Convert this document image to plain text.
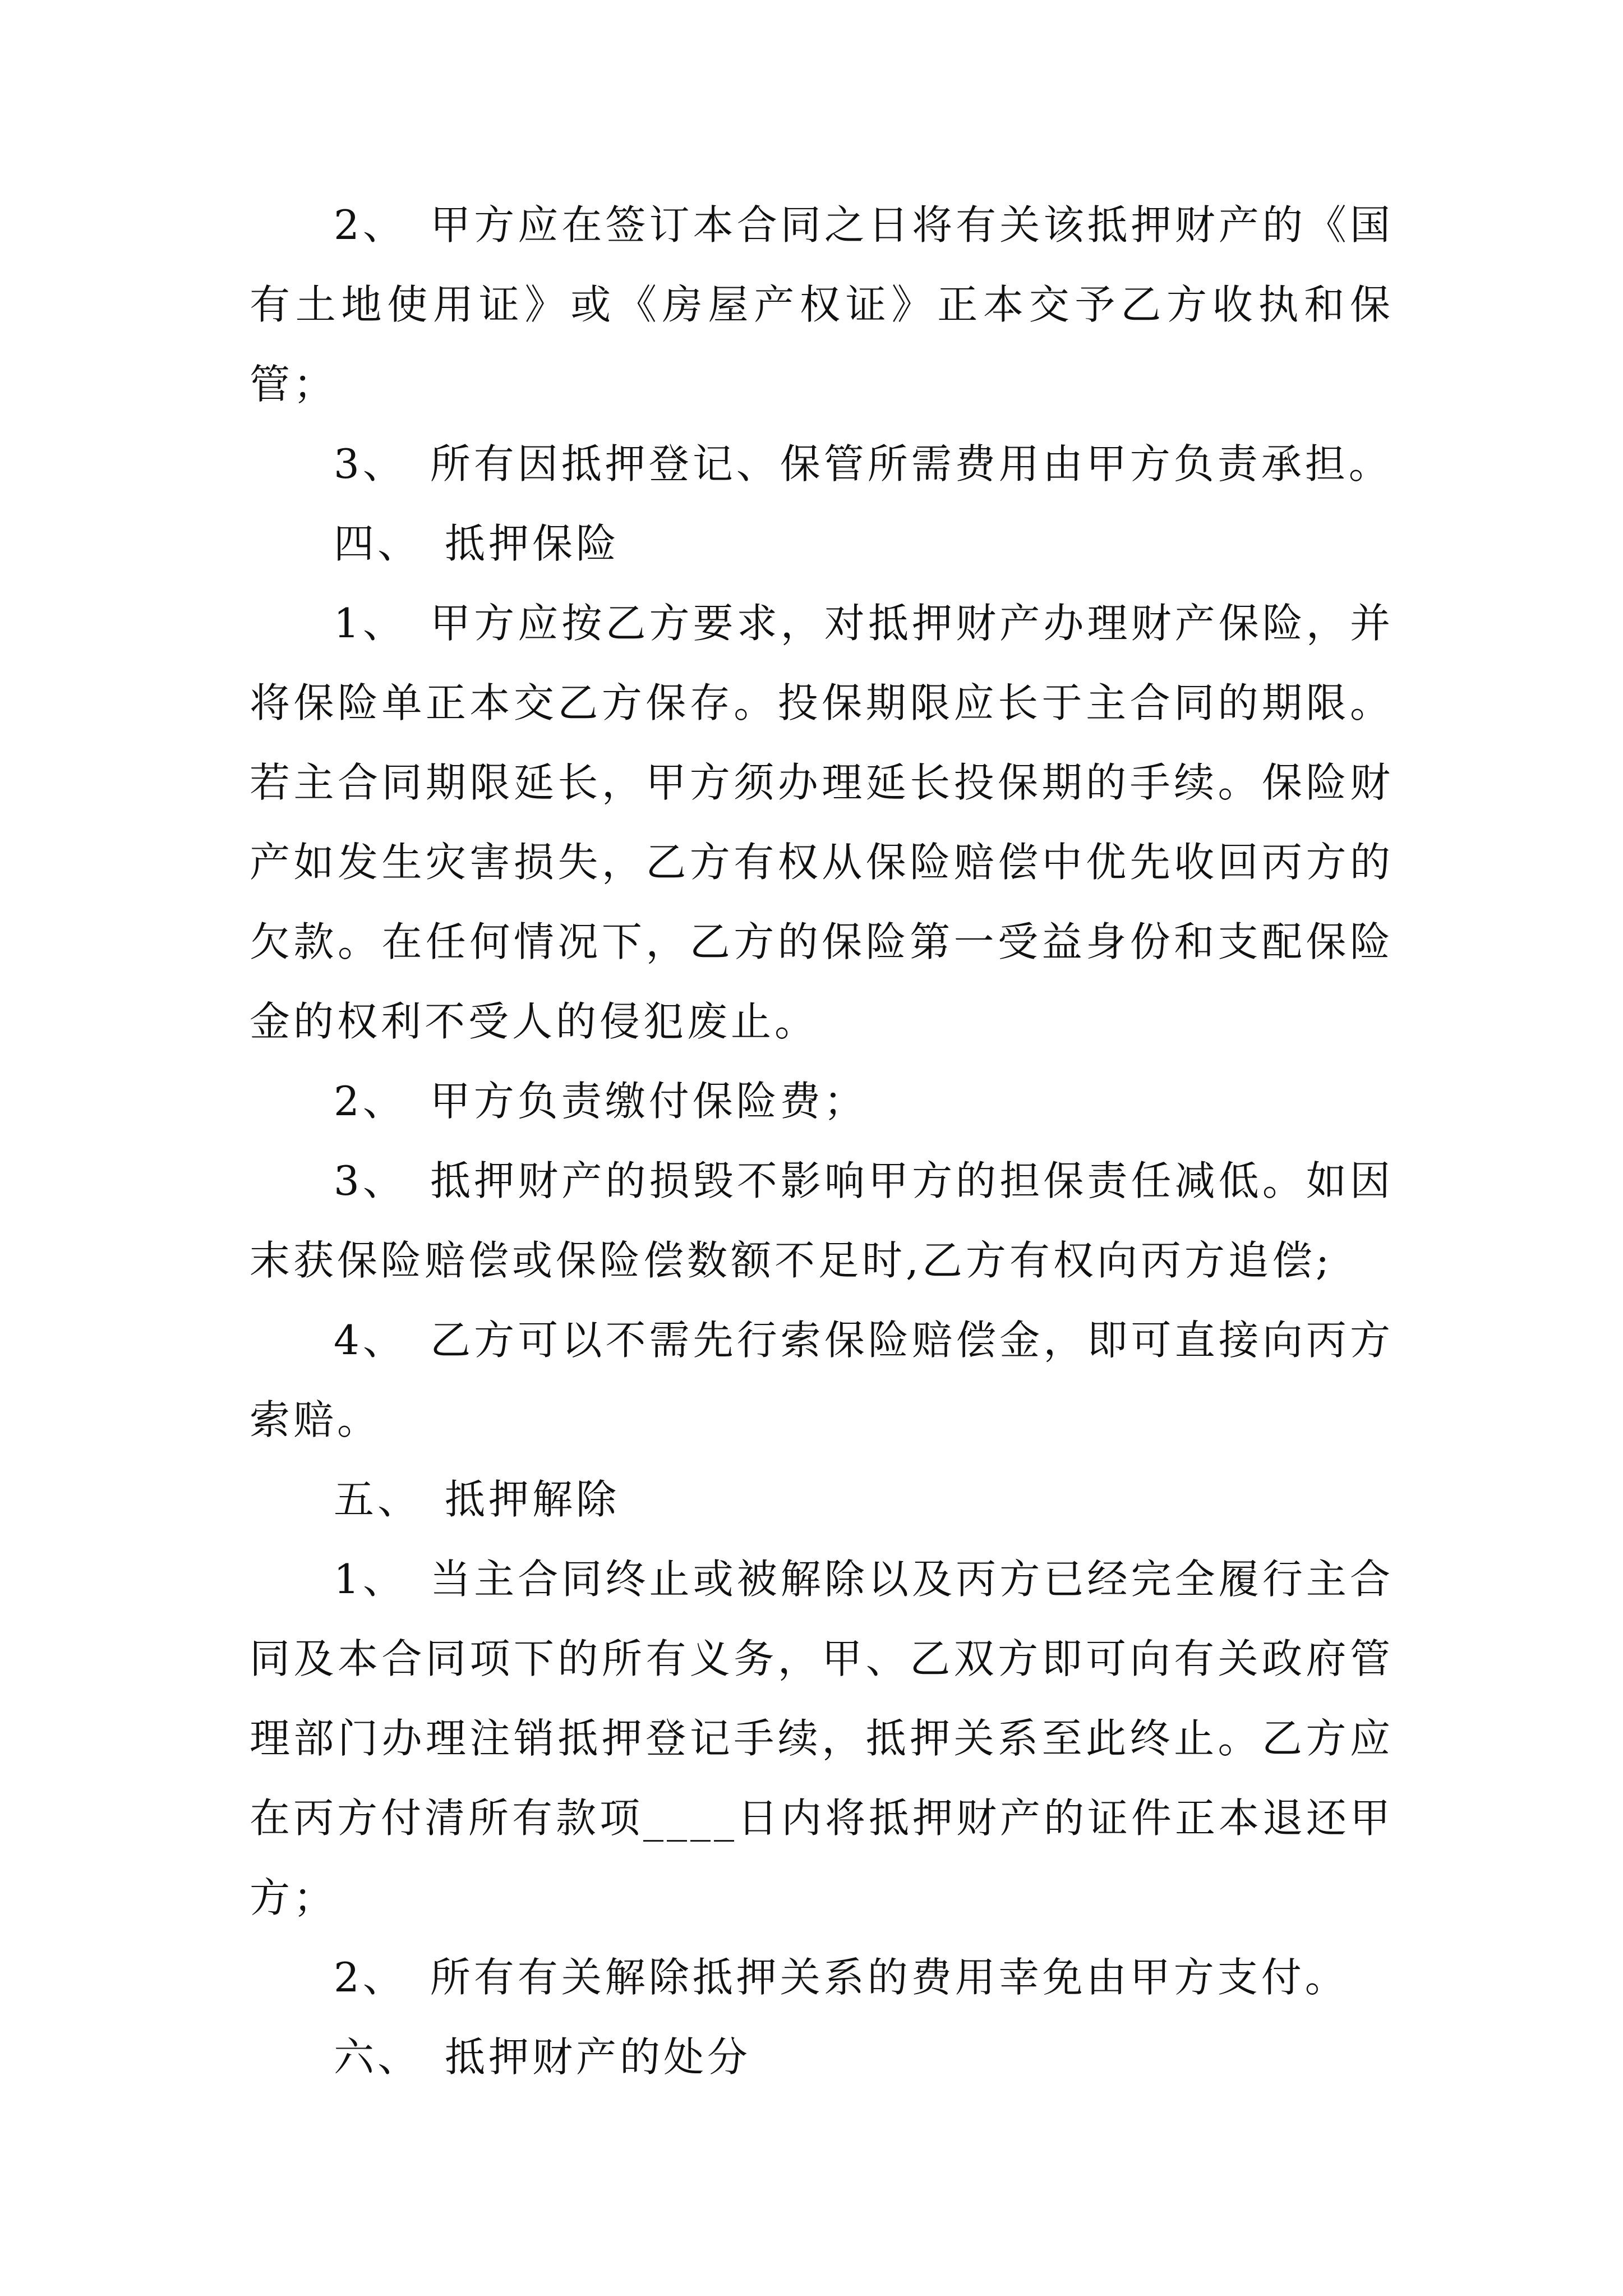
2、　甲方应在签订本合同之日将有关该抵押财产的《国有土地使用证》或《房屋产权证》正本交予乙方收执和保管；

3、　所有因抵押登记、保管所需费用由甲方负责承担。

四、　抵押保险

1、　甲方应按乙方要求，对抵押财产办理财产保险，并将保险单正本交乙方保存。投保期限应长于主合同的期限。若主合同期限延长，甲方须办理延长投保期的手续。保险财产如发生灾害损失，乙方有权从保险赔偿中优先收回丙方的欠款。在任何情况下，乙方的保险第一受益身份和支配保险金的权利不受人的侵犯废止。

2、　甲方负责缴付保险费；

3、　抵押财产的损毁不影响甲方的担保责任减低。如因末获保险赔偿或保险偿数额不足时,乙方有权向丙方追偿;

4、　乙方可以不需先行索保险赔偿金，即可直接向丙方索赔。

五、　抵押解除

1、　当主合同终止或被解除以及丙方已经完全履行主合同及本合同项下的所有义务，甲、乙双方即可向有关政府管理部门办理注销抵押登记手续，抵押关系至此终止。乙方应在丙方付清所有款项____日内将抵押财产的证件正本退还甲方；

2、　所有有关解除抵押关系的费用幸免由甲方支付。

六、　抵押财产的处分
